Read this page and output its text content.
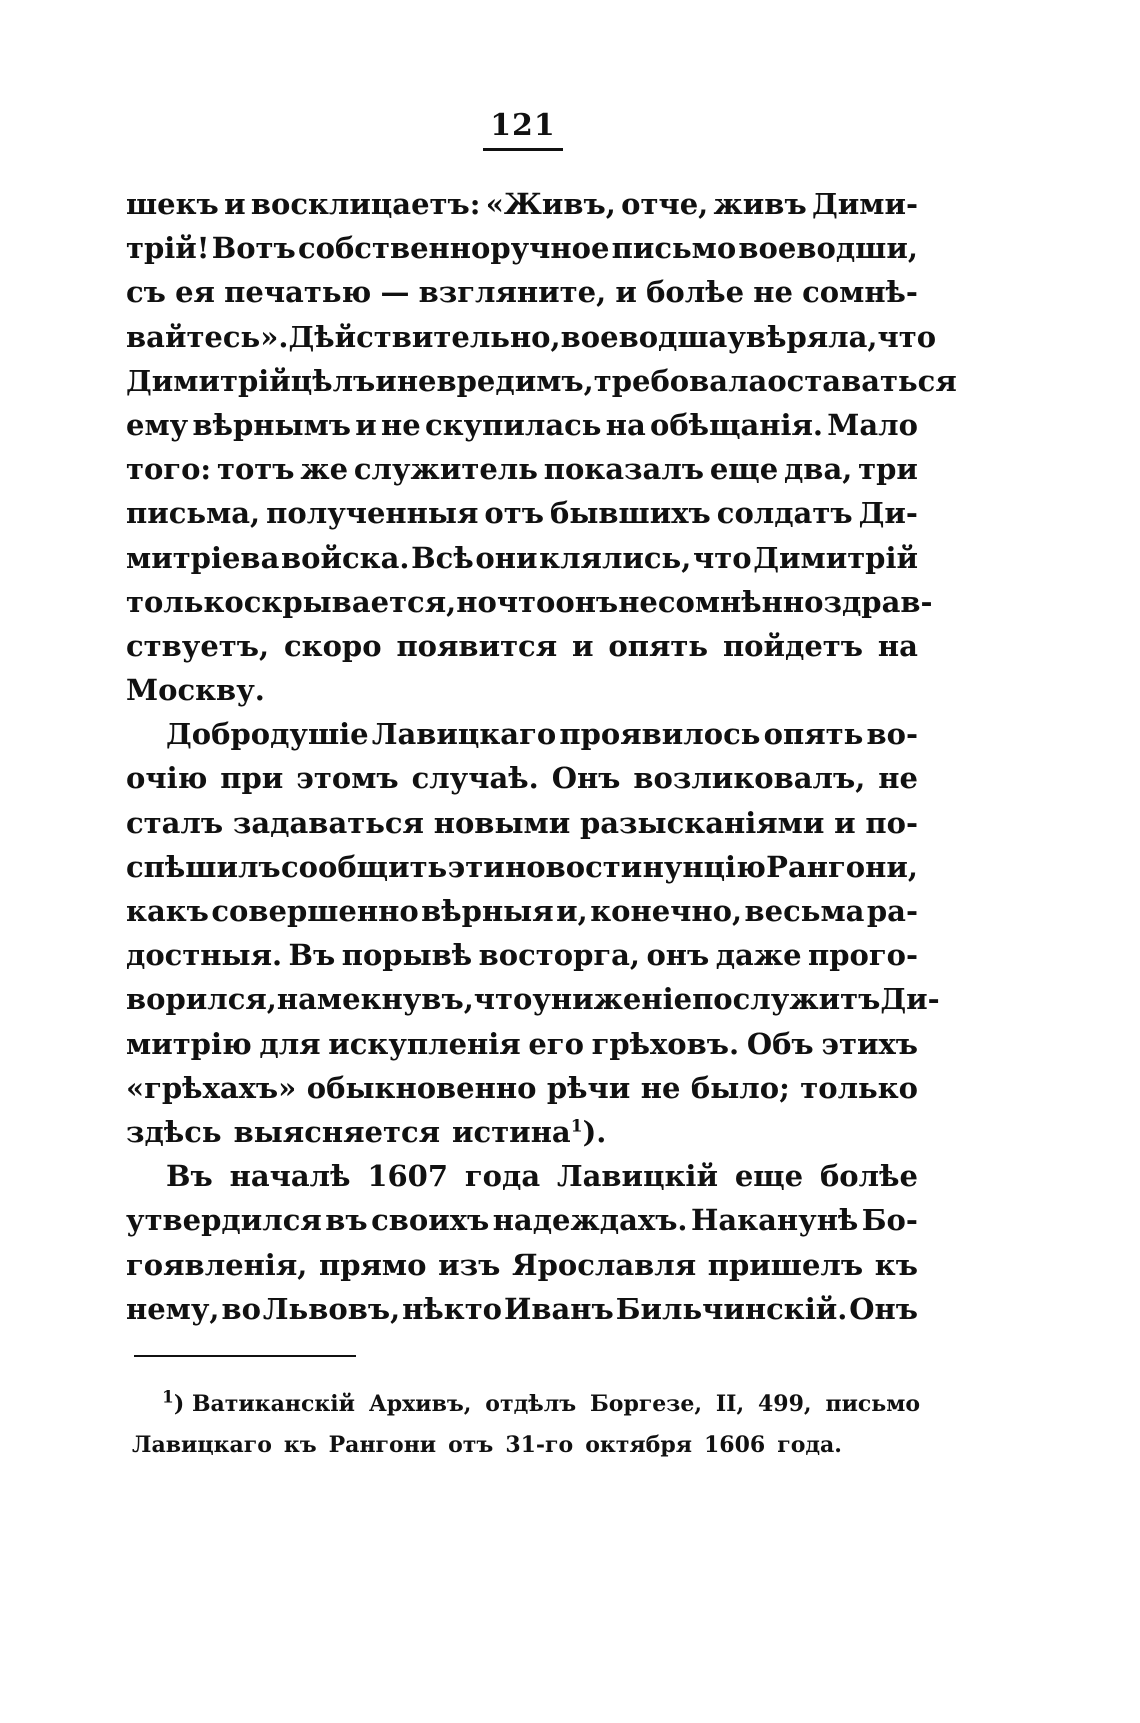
121
шекъ и восклицаетъ: «Живъ, отче, живъ Дими-
трій! Вотъ собственноручное письмо воеводши,
съ ея печатью — взгляните, и болѣе не сомнѣ-
вайтесь». Дѣйствительно, воеводша увѣряла, что
Димитрій цѣлъ и невредимъ, требовала оставаться
ему вѣрнымъ и не скупилась на обѣщанія. Мало
того: тотъ же служитель показалъ еще два, три
письма, полученныя отъ бывшихъ солдатъ Ди-
митріева войска. Всѣ они клялись, что Димитрій
только скрывается, но что онъ несомнѣнно здрав-
ствуетъ, скоро появится и опять пойдетъ на
Москву.
Добродушіе Лавицкаго проявилось опять во-
очію при этомъ случаѣ. Онъ возликовалъ, не
сталъ задаваться новыми разысканіями и по-
спѣшилъ сообщить эти новости нунцію Рангони,
какъ совершенно вѣрныя и, конечно, весьма ра-
достныя. Въ порывѣ восторга, онъ даже прого-
ворился, намекнувъ, что униженіе послужитъ Ди-
митрію для искупленія его грѣховъ. Объ этихъ
«грѣхахъ» обыкновенно рѣчи не было; только
здѣсь выясняется истина$^1$).
Въ началѣ 1607 года Лавицкій еще болѣе
утвердился въ своихъ надеждахъ. Наканунѣ Бо-
гоявленія, прямо изъ Ярославля пришелъ къ
нему, во Львовъ, нѣкто Иванъ Бильчинскій. Онъ
$^1$) Ватиканскій Архивъ, отдѣлъ Боргезе, II, 499, письмо
Лавицкаго къ Рангони отъ 31-го октября 1606 года.
